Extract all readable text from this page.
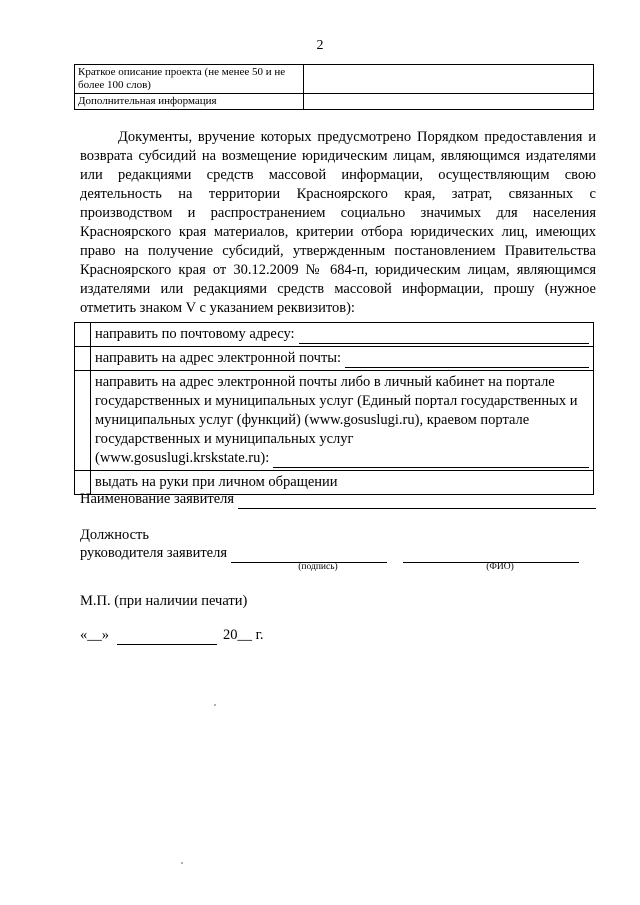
2
Краткое описание проекта (не менее 50 и не более 100 слов)	
Дополнительная информация	
Документы, вручение которых предусмотрено Порядком предоставления и возврата субсидий на возмещение юридическим лицам, являющимся издателями или редакциями средств массовой информации, осуществляющим свою деятельность на территории Красноярского края, затрат, связанных с производством и распространением социально значимых для населения Красноярского края материалов, критерии отбора юридических лиц, имеющих право на получение субсидий, утвержденным постановлением Правительства Красноярского края от 30.12.2009 № 684-п, юридическим лицам, являющимся издателями или редакциями средств массовой информации, прошу (нужное отметить знаком V с указанием реквизитов):

	направить по почтовому адресу:

	направить на адрес электронной почты:

	направить на адрес электронной почты либо в личный кабинет на портале государственных и муниципальных услуг (Единый портал государственных и муниципальных услуг (функций) (www.gosuslugi.ru), краевом портале государственных и муниципальных услуг
(www.gosuslugi.krskstate.ru):

	выдать на руки при личном обращении
Наименование заявителя
Должность
руководителя заявителя
(подпись)	(ФИО)
М.П. (при наличии печати)
«__»	20__ г.
